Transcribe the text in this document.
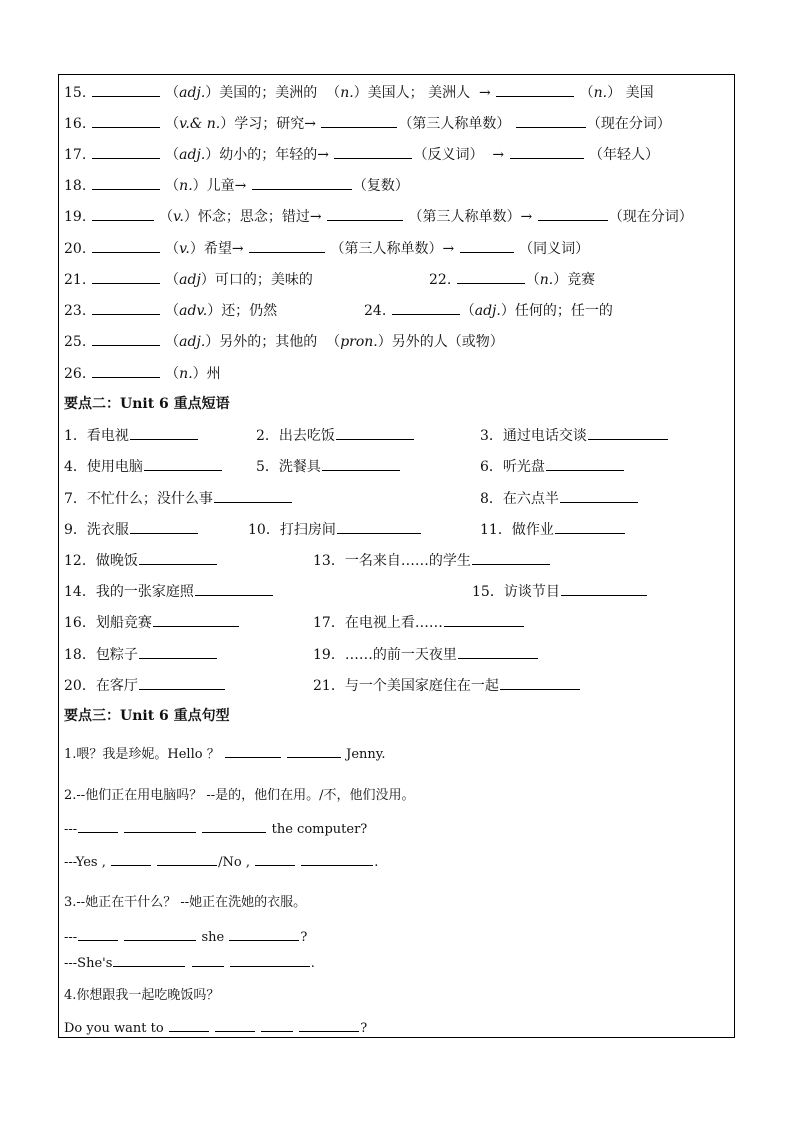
15.	（adj.）美国的；美洲的  （n.）美国人； 美洲人 →	（n.） 美国
16.	（v.& n.）学习；研究→	（第三人称单数）	（现在分词）
17.	（adj.）幼小的；年轻的→	（反义词） →	（年轻人）
18.	（n.）儿童→	（复数）
19.	（v.）怀念；思念；错过→	（第三人称单数）→	（现在分词）
20.	（v.）希望→	（第三人称单数）→	（同义词）
21.	（adj）可口的；美味的	22.	（n.）竞赛
23.	（adv.）还；仍然	24.	（adj.）任何的；任一的
25.	（adj.）另外的；其他的  （pron.）另外的人（或物）
26.	（n.）州
要点二：Unit 6 重点短语
1．看电视	2．出去吃饭	3．通过电话交谈
4．使用电脑	5．洗餐具	6．听光盘
7．不忙什么；没什么事	8．在六点半
9．洗衣服	10．打扫房间	11．做作业
12．做晚饭	13．一名来自……的学生
14．我的一张家庭照	15．访谈节目
16．划船竞赛	17．在电视上看……
18．包粽子	19．……的前一天夜里
20．在客厅	21．与一个美国家庭住在一起
要点三：Unit 6 重点句型
1.喂？我是珍妮。Hello ？	Jenny.
2.--他们正在用电脑吗？ --是的，他们在用。/不，他们没用。
---	the computer?
---Yes ,	/No ,	.
3.--她正在干什么？ --她正在洗她的衣服。
---	she	?
---She's	.
4.你想跟我一起吃晚饭吗？
Do you want to	?
